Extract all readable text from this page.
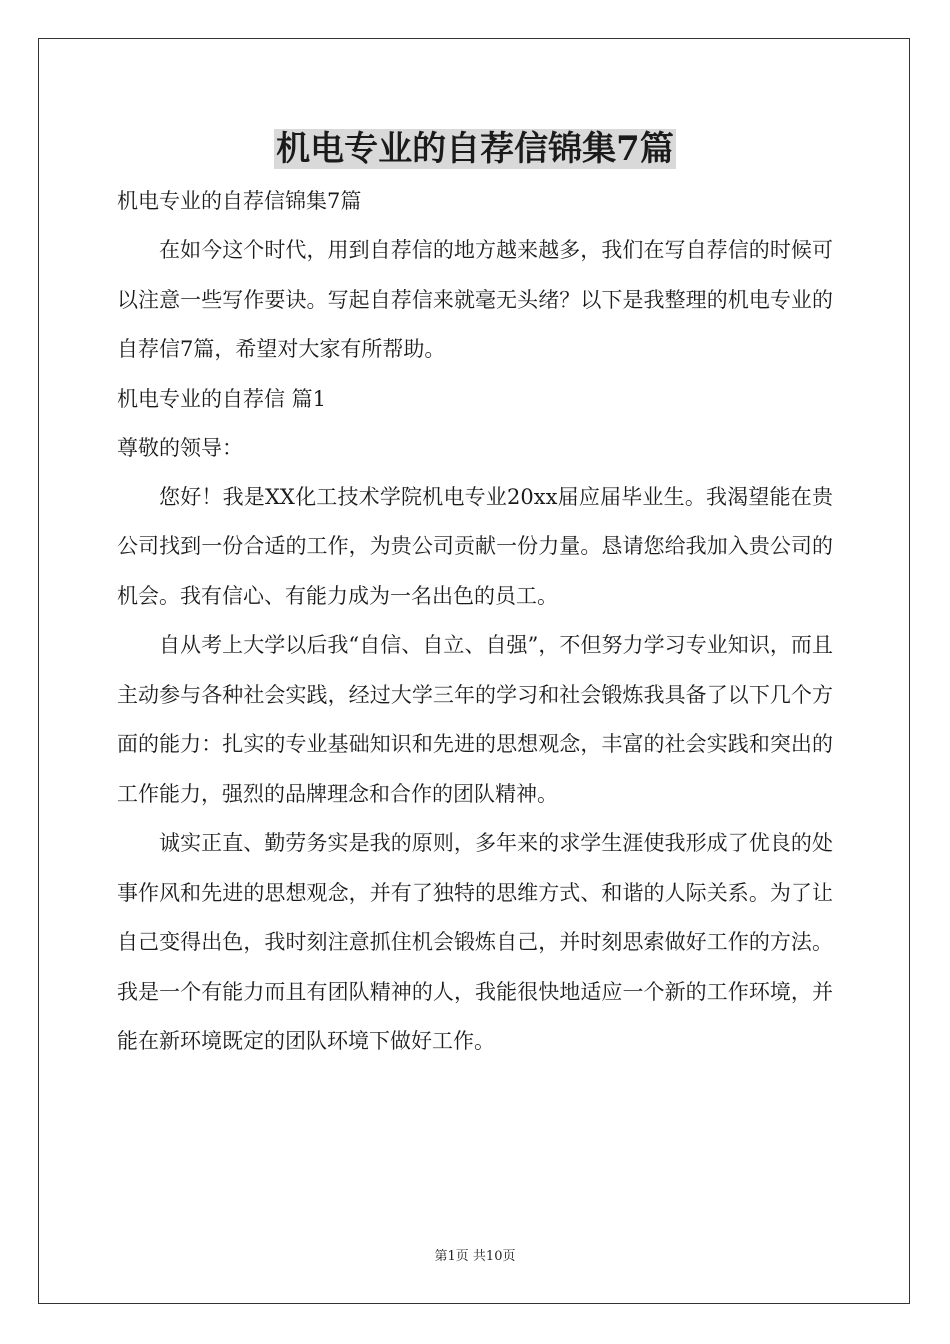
机电专业的自荐信锦集7篇

机电专业的自荐信锦集7篇

在如今这个时代，用到自荐信的地方越来越多，我们在写自荐信的时候可以注意一些写作要诀。写起自荐信来就毫无头绪？以下是我整理的机电专业的自荐信7篇，希望对大家有所帮助。

机电专业的自荐信 篇1

尊敬的领导：

您好！我是XX化工技术学院机电专业20xx届应届毕业生。我渴望能在贵公司找到一份合适的工作，为贵公司贡献一份力量。恳请您给我加入贵公司的机会。我有信心、有能力成为一名出色的员工。

自从考上大学以后我“自信、自立、自强”，不但努力学习专业知识，而且主动参与各种社会实践，经过大学三年的学习和社会锻炼我具备了以下几个方面的能力：扎实的专业基础知识和先进的思想观念，丰富的社会实践和突出的工作能力，强烈的品牌理念和合作的团队精神。

诚实正直、勤劳务实是我的原则，多年来的求学生涯使我形成了优良的处事作风和先进的思想观念，并有了独特的思维方式、和谐的人际关系。为了让自己变得出色，我时刻注意抓住机会锻炼自己，并时刻思索做好工作的方法。我是一个有能力而且有团队精神的人，我能很快地适应一个新的工作环境，并能在新环境既定的团队环境下做好工作。

第1页 共10页
